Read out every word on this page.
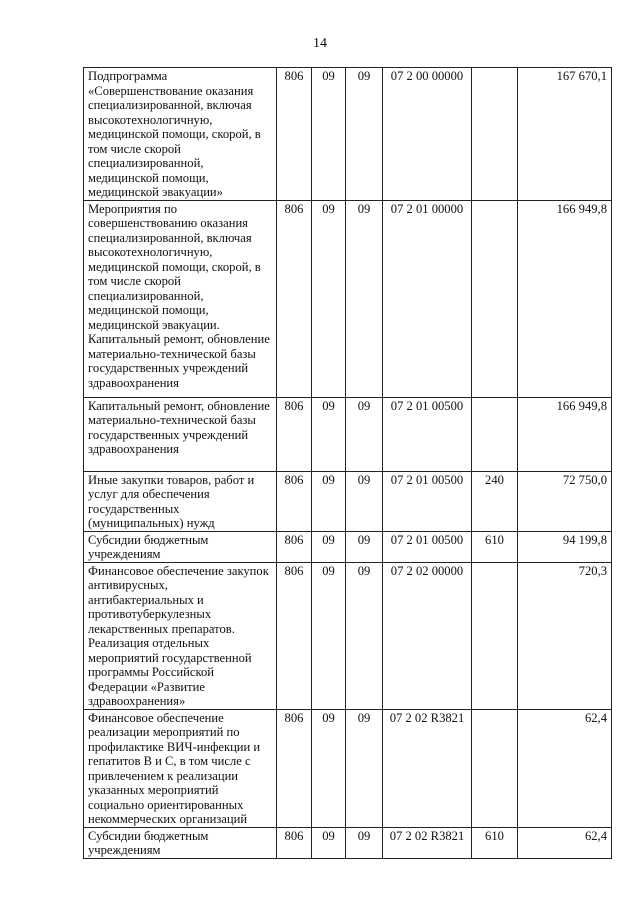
14
Подпрограмма «Совершенствование оказания специализированной, включая высокотехнологичную, медицинской помощи, скорой, в том числе скорой специализированной, медицинской помощи, медицинской эвакуации»	806	09	09	07 2 00 00000		167 670,1
Мероприятия по совершенствованию оказания специализированной, включая высокотехнологичную, медицинской помощи, скорой, в том числе скорой специализированной, медицинской помощи, медицинской эвакуации. Капитальный ремонт, обновление материально-технической базы государственных учреждений здравоохранения	806	09	09	07 2 01 00000		166 949,8
Капитальный ремонт, обновление материально-технической базы государственных учреждений здравоохранения	806	09	09	07 2 01 00500		166 949,8
Иные закупки товаров, работ и услуг для обеспечения государственных (муниципальных) нужд	806	09	09	07 2 01 00500	240	72 750,0
Субсидии бюджетным учреждениям	806	09	09	07 2 01 00500	610	94 199,8
Финансовое обеспечение закупок антивирусных, антибактериальных и противотуберкулезных лекарственных препаратов. Реализация отдельных мероприятий государственной программы Российской Федерации «Развитие здравоохранения»	806	09	09	07 2 02 00000		720,3
Финансовое обеспечение реализации мероприятий по профилактике ВИЧ-инфекции и гепатитов В и С, в том числе с привлечением к реализации указанных мероприятий социально ориентированных некоммерческих организаций	806	09	09	07 2 02 R3821		62,4
Субсидии бюджетным учреждениям	806	09	09	07 2 02 R3821	610	62,4
